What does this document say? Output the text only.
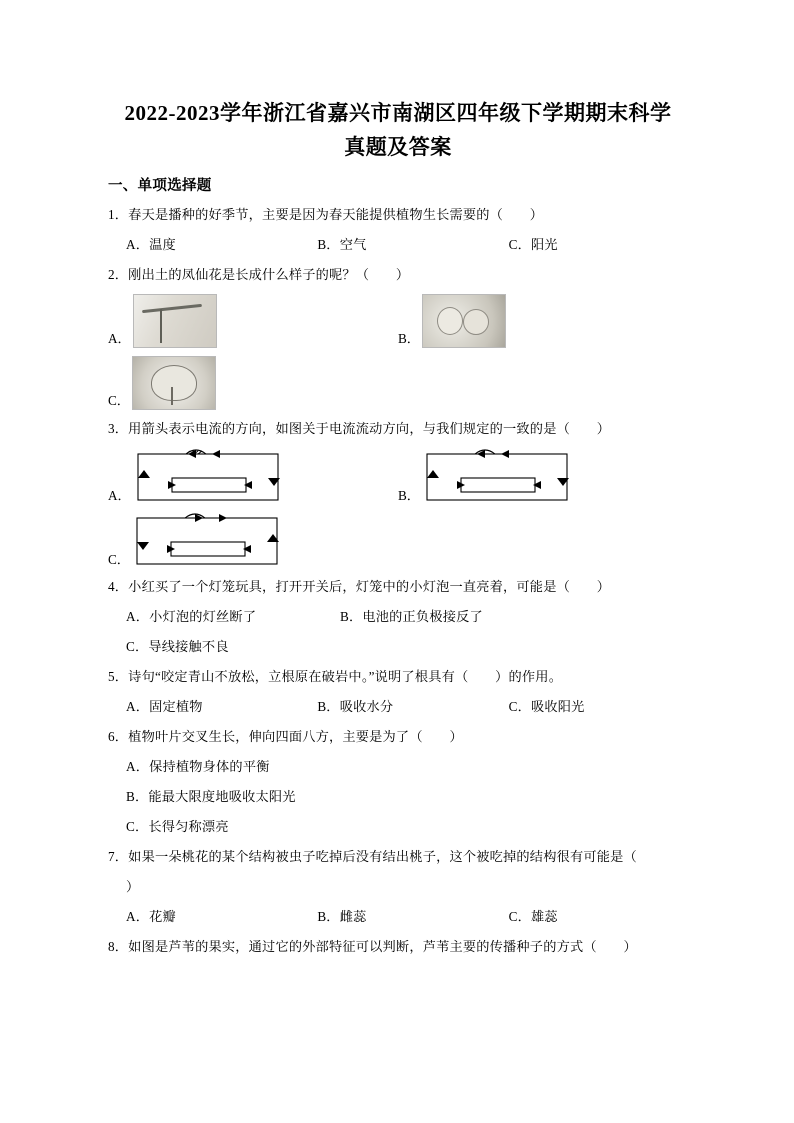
2022-2023学年浙江省嘉兴市南湖区四年级下学期期末科学
真题及答案
一、单项选择题
1．春天是播种的好季节，主要是因为春天能提供植物生长需要的（　　）
A．温度	B．空气	C．阳光
2．刚出土的凤仙花是长成什么样子的呢？（　　）
A．	B．
C．
3．用箭头表示电流的方向，如图关于电流流动方向，与我们规定的一致的是（　　）
A．	B．
C．
4．小红买了一个灯笼玩具，打开开关后，灯笼中的小灯泡一直亮着，可能是（　　）
A．小灯泡的灯丝断了	B．电池的正负极接反了
C．导线接触不良
5．诗句“咬定青山不放松，立根原在破岩中。”说明了根具有（　　）的作用。
A．固定植物	B．吸收水分	C．吸收阳光
6．植物叶片交叉生长，伸向四面八方，主要是为了（　　）
A．保持植物身体的平衡
B．能最大限度地吸收太阳光
C．长得匀称漂亮
7．如果一朵桃花的某个结构被虫子吃掉后没有结出桃子，这个被吃掉的结构很有可能是（
）
A．花瓣	B．雌蕊	C．雄蕊
8．如图是芦苇的果实，通过它的外部特征可以判断，芦苇主要的传播种子的方式（　　）
